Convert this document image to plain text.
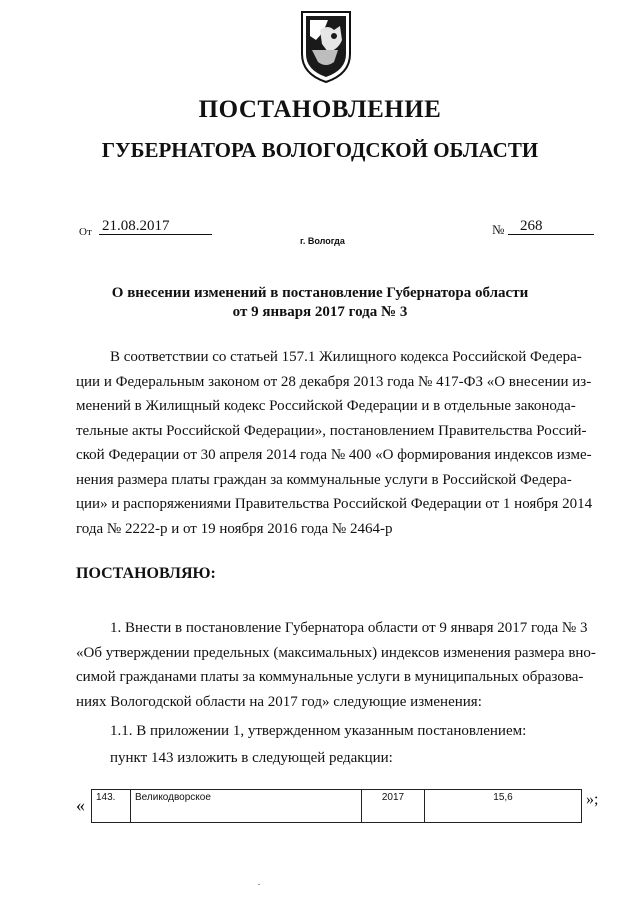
ПОСТАНОВЛЕНИЕ
ГУБЕРНАТОРА ВОЛОГОДСКОЙ ОБЛАСТИ
От 21.08.2017	№	268
г. Вологда
О внесении изменений в постановление Губернатора области
от 9 января 2017 года № 3
В соответствии со статьей 157.1 Жилищного кодекса Российской Федера-
ции и Федеральным законом от 28 декабря 2013 года № 417-ФЗ «О внесении из-
менений в Жилищный кодекс Российской Федерации и в отдельные законода-
тельные акты Российской Федерации», постановлением Правительства Россий-
ской Федерации от 30 апреля 2014 года № 400 «О формирования индексов изме-
нения размера платы граждан за коммунальные услуги в Российской Федера-
ции» и распоряжениями Правительства Российской Федерации от 1 ноября 2014
года № 2222-р и от 19 ноября 2016 года № 2464-р
ПОСТАНОВЛЯЮ:
1. Внести в постановление Губернатора области от 9 января 2017 года № 3
«Об утверждении предельных (максимальных) индексов изменения размера вно-
симой гражданами платы за коммунальные услуги в муниципальных образова-
ниях Вологодской области на 2017 год» следующие изменения:
1.1. В приложении 1, утвержденном указанным постановлением:
пункт 143 изложить в следующей редакции:
« 143.	Великодворское	2017	15,6	»;
